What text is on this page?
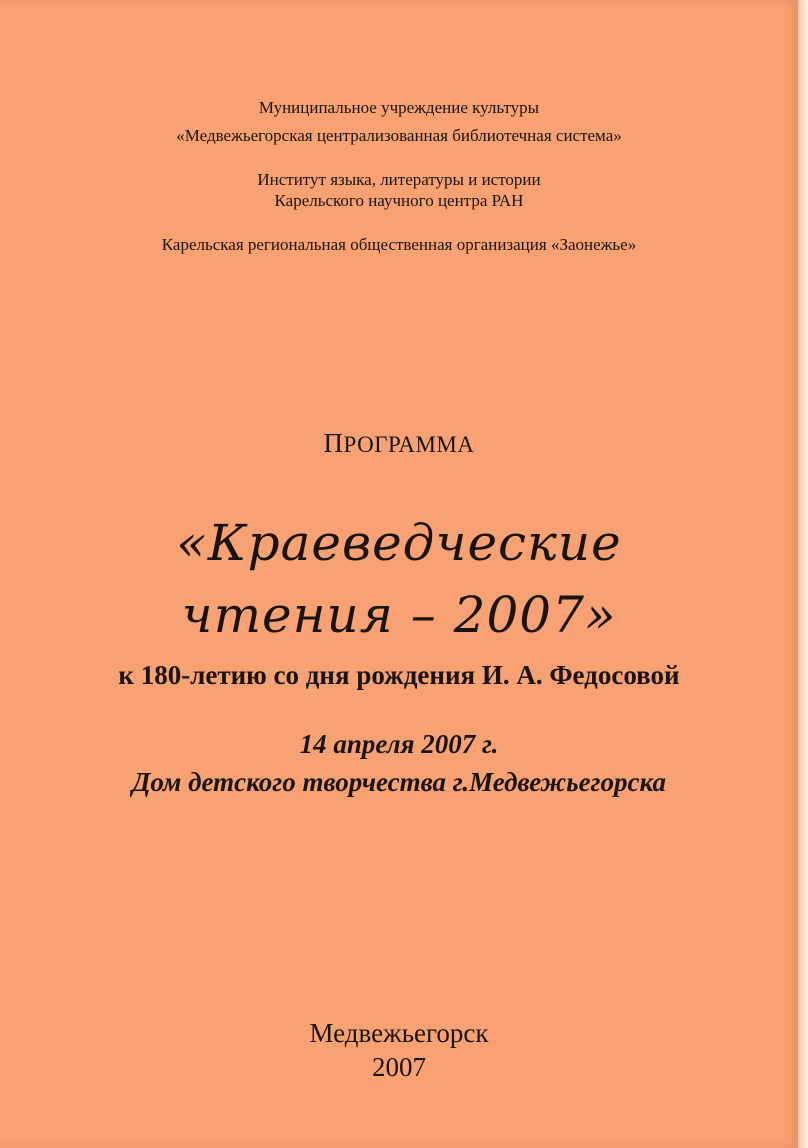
Муниципальное учреждение культуры
«Медвежьегорская централизованная библиотечная система»
Институт языка, литературы и истории
Карельского научного центра РАН
Карельская региональная общественная организация «Заонежье»
ПРОГРАММА
«Краеведческие
чтения – 2007»
к 180-летию со дня рождения И. А. Федосовой
14 апреля 2007 г.
Дом детского творчества г.Медвежьегорска
Медвежьегорск
2007
